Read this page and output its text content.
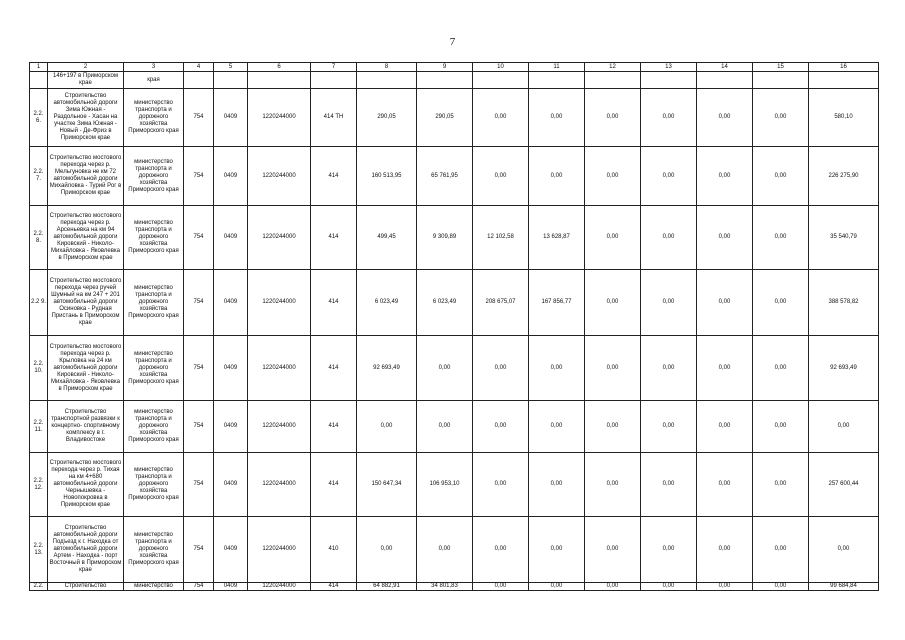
7
1	2	3	4	5	6	7	8	9	10	11	12	13	14	15	16
	146+197 в Приморском крае	края													
2.2. 6.	Строительство автомобильной дороги Зима Южная - Раздольное - Хасан на участке Зима Южная - Новый - Де-Фриз в Приморском крае	министерство транспорта и дорожного хозяйства Приморского края	754	0409	1220244000	414 ТН	290,05	290,05	0,00	0,00	0,00	0,00	0,00	0,00	580,10
2.2. 7.	Строительство мостового перехода через р. Мельгуновка не км 72 автомобильной дороги Михайловка - Турий Рог в Приморском крае	министерство транспорта и дорожного хозяйства Приморского края	754	0409	1220244000	414	160 513,95	65 761,95	0,00	0,00	0,00	0,00	0,00	0,00	226 275,90
2.2. 8.	Строительство мостового перехода через р. Арсеньевка на км 94 автомобильной дороги Кировский - Николо-Михайловка - Яковлевка в Приморском крае	министерство транспорта и дорожного хозяйства Приморского края	754	0409	1220244000	414	499,45	9 309,89	12 102,58	13 628,87	0,00	0,00	0,00	0,00	35 540,79
2.2 9.	Строительство мостового перехода через ручей Шумный на км 247 + 201 автомобильной дороги Осиновка - Рудная Пристань в Приморском крае	министерство транспорта и дорожного хозяйства Приморского края	754	0409	1220244000	414	6 023,49	6 023,49	208 675,07	167 856,77	0,00	0,00	0,00	0,00	388 578,82
2.2. 10.	Строительство мостового перехода через р. Крыловка на 24 км автомобильной дороги Кировский - Николо-Михайловка - Яковлевка в Приморском крае	министерство транспорта и дорожного хозяйства Приморского края	754	0409	1220244000	414	92 693,49	0,00	0,00	0,00	0,00	0,00	0,00	0,00	92 693,49
2.2. 11.	Строительство транспортной развязки к концертно- спортивному комплексу в г. Владивостоке	министерство транспорта и дорожного хозяйства Приморского края	754	0409	1220244000	414	0,00	0,00	0,00	0,00	0,00	0,00	0,00	0,00	0,00
2.2. 12.	Строительство мостового перехода через р. Тихая на км 4+680 автомобильной дороги Чернышевка - Новопокровка в Приморском крае	министерство транспорта и дорожного хозяйства Приморского края	754	0409	1220244000	414	150 647,34	106 953,10	0,00	0,00	0,00	0,00	0,00	0,00	257 600,44
2.2. 13.	Строительство автомобильной дороги Подъезд к г. Находка от автомобильной дороги Артем - Находка - порт Восточный в Приморском крае	министерство транспорта и дорожного хозяйства Приморского края	754	0409	1220244000	410	0,00	0,00	0,00	0,00	0,00	0,00	0,00	0,00	0,00
2.2.	Строительство	министерство	754	0409	1220244000	414	64 882,91	34 801,83	0,00	0,00	0,00	0,00	0,00	0,00	99 684,84
